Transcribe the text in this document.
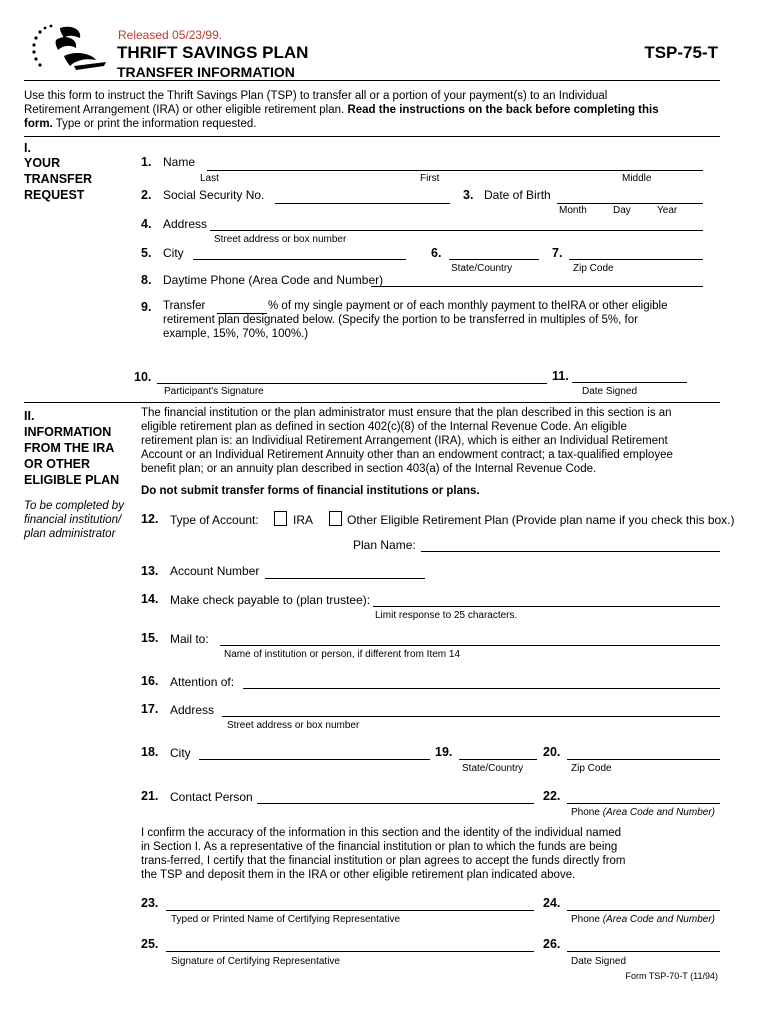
Released 05/23/99.
THRIFT SAVINGS PLAN
TRANSFER INFORMATION
TSP-75-T
Use this form to instruct the Thrift Savings Plan (TSP) to transfer all or a portion of your payment(s) to an Individual Retirement Arrangement (IRA) or other eligible retirement plan. Read the instructions on the back before completing this form. Type or print the information requested.
I.
YOUR TRANSFER REQUEST
1. Name
Last	First	Middle
2. Social Security No.	3. Date of Birth
Month	Day	Year
4. Address
Street address or box number
5. City	6.
State/Country
7.
Zip Code
8. Daytime Phone (Area Code and Number)
9. Transfer	% of my single payment or of each monthly payment to theIRA or other eligible
retirement plan designated below. (Specify the portion to be transferred in multiples of 5%, for
example, 15%, 70%, 100%.)
10.
Participant's Signature
11.
Date Signed
II.
INFORMATION FROM THE IRA OR OTHER ELIGIBLE PLAN
To be completed by financial institution/ plan administrator
The financial institution or the plan administrator must ensure that the plan described in this section is an eligible retirement plan as defined in section 402(c)(8) of the Internal Revenue Code. An eligible retirement plan is: an Individiual Retirement Arrangement (IRA), which is either an Individual Retirement Account or an Individual Retirement Annuity other than an endowment contract; a tax-qualified employee benefit plan; or an annuity plan described in section 403(a) of the Internal Revenue Code.
Do not submit transfer forms of financial institutions or plans.
12. Type of Account:	IRA	Other Eligible Retirement Plan (Provide plan name if you check this box.)
Plan Name:
13. Account Number
14. Make check payable to (plan trustee):
Limit response to 25 characters.
15. Mail to:
Name of institution or person, if different from Item 14
16. Attention of:
17. Address
Street address or box number
18. City	19.
State/Country
20.
Zip Code
21. Contact Person	22.
Phone (Area Code and Number)
I confirm the accuracy of the information in this section and the identity of the individual named in Section I. As a representative of the financial institution or plan to which the funds are being trans-ferred, I certify that the financial institution or plan agrees to accept the funds directly from the TSP and deposit them in the IRA or other eligible retirement plan indicated above.
23.
Typed or Printed Name of Certifying Representative
24.
Phone (Area Code and Number)
25.
Signature of Certifying Representative
26.
Date Signed
Form TSP-70-T (11/94)
